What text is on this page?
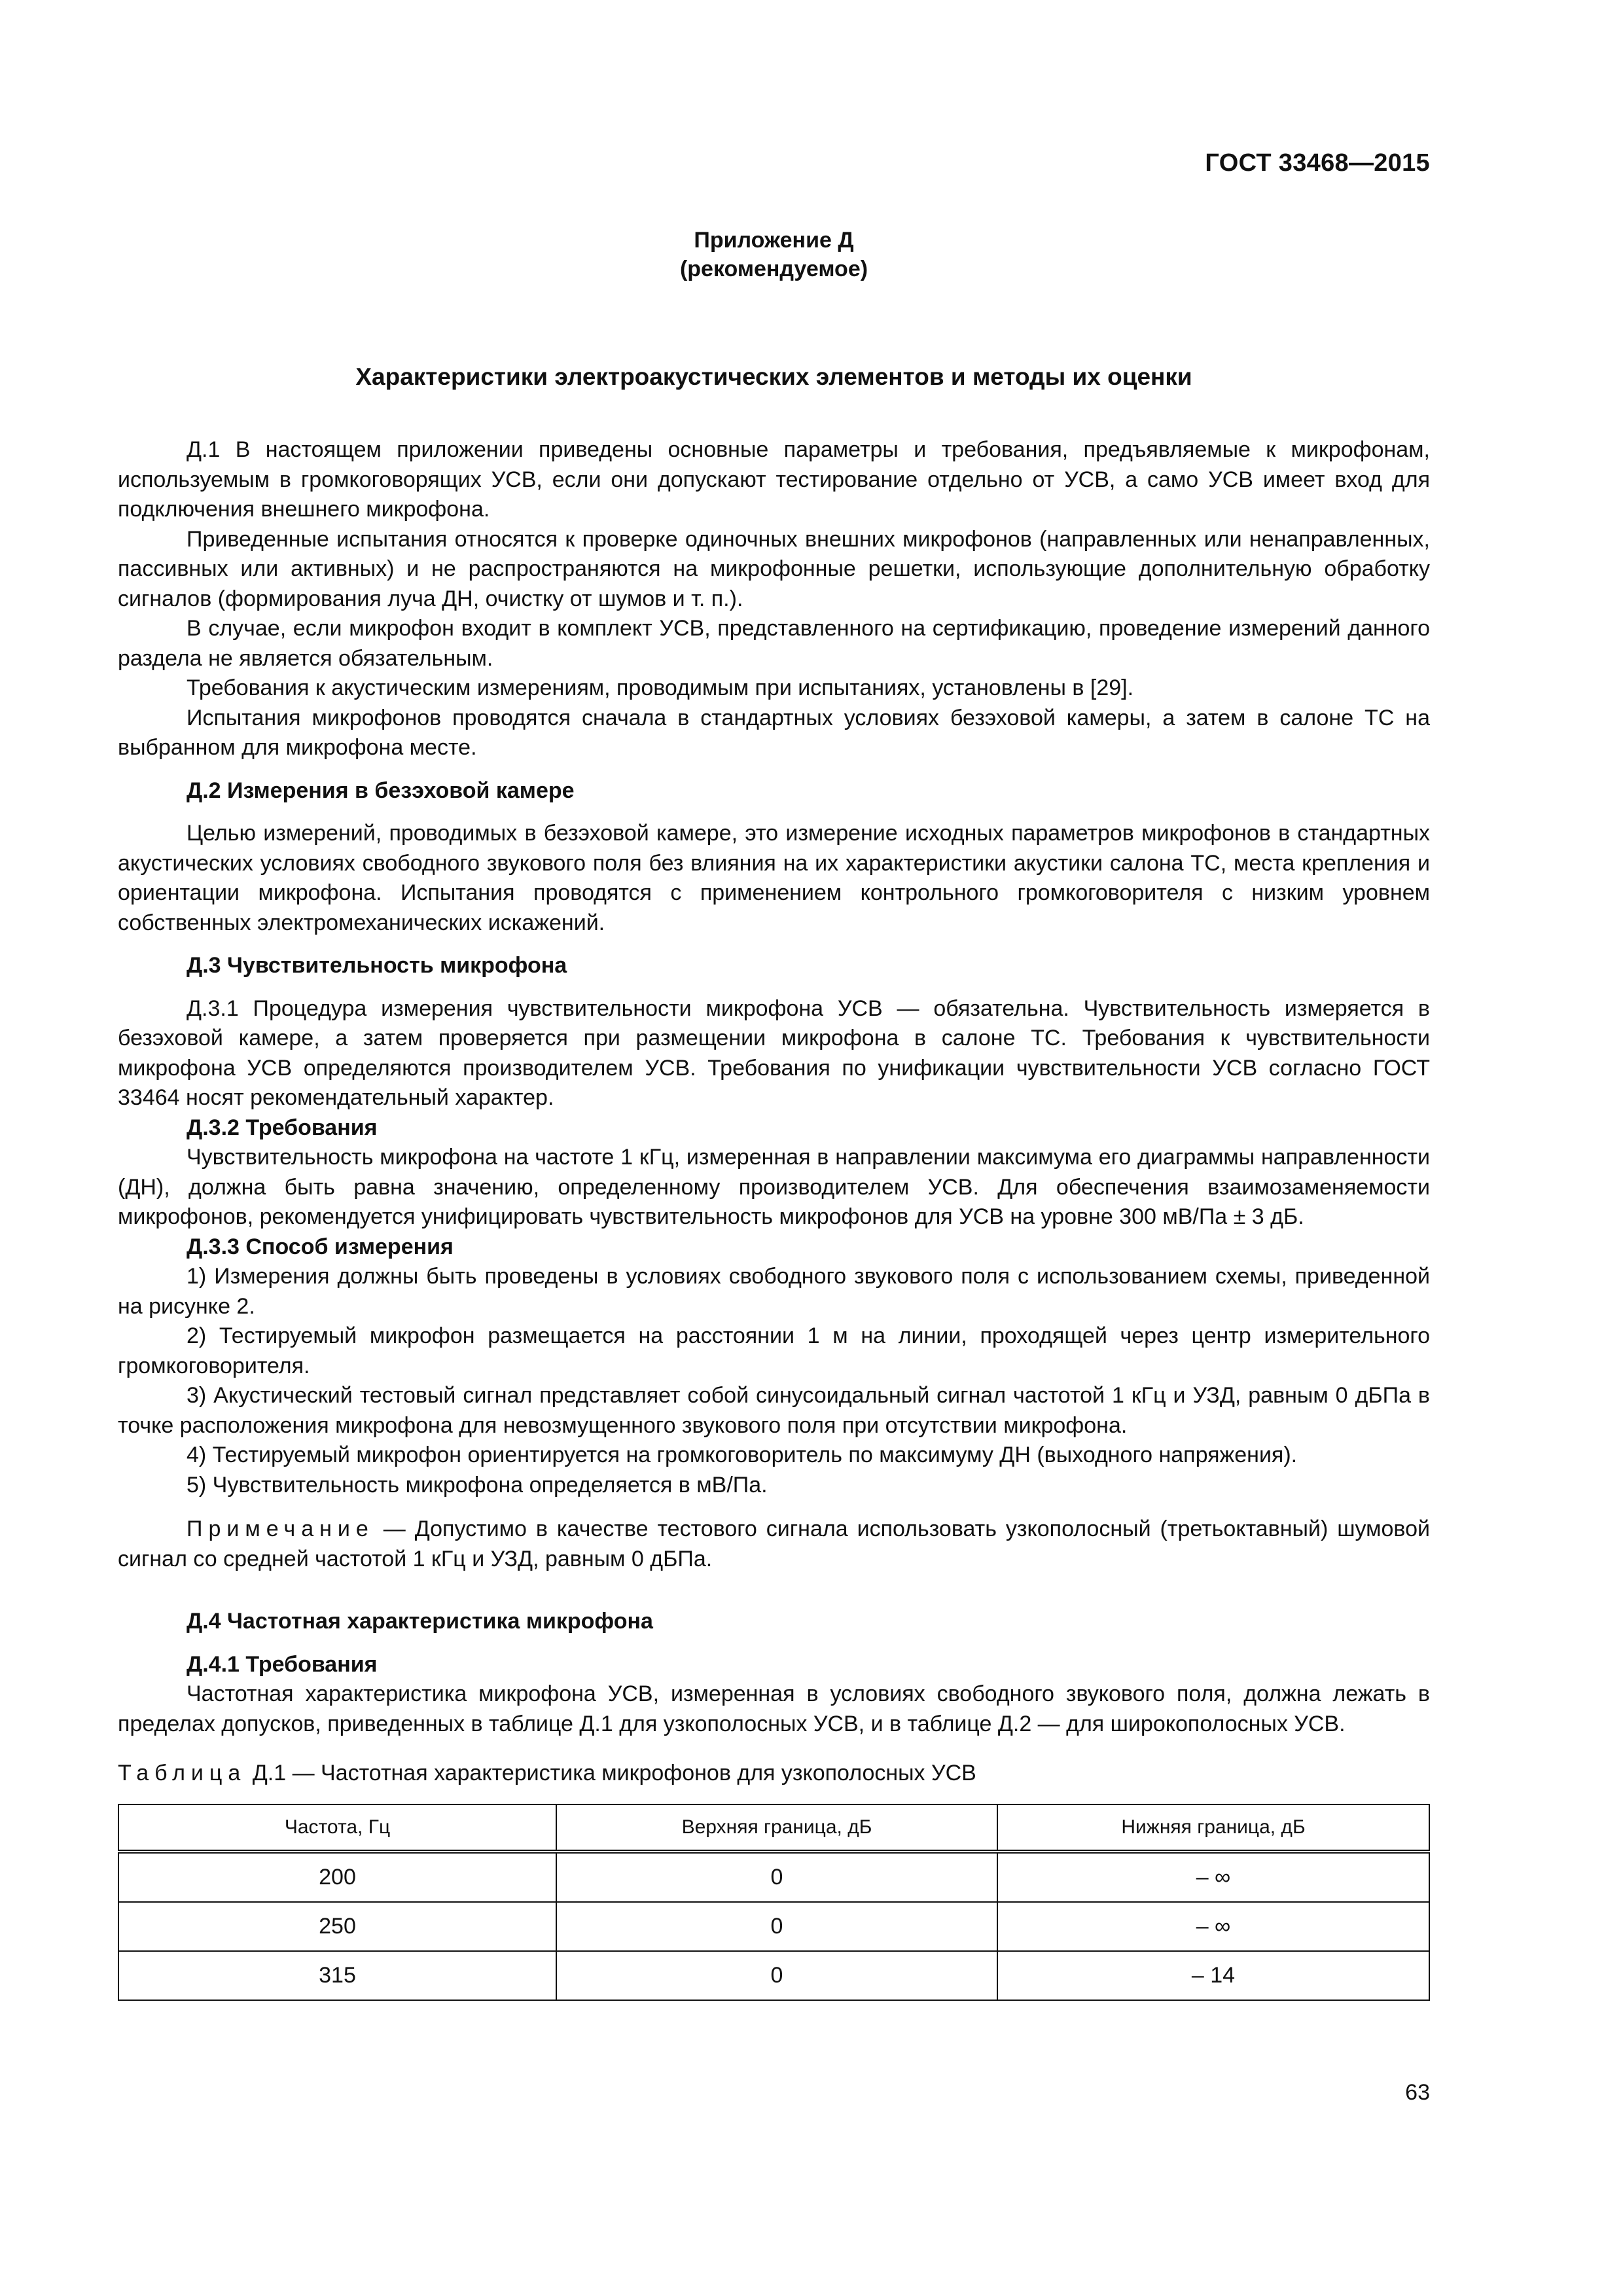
ГОСТ 33468—2015
Приложение Д
(рекомендуемое)
Характеристики электроакустических элементов и методы их оценки

Д.1 В настоящем приложении приведены основные параметры и требования, предъявляемые к микрофонам, используемым в громкоговорящих УСВ, если они допускают тестирование отдельно от УСВ, а само УСВ имеет вход для подключения внешнего микрофона.

Приведенные испытания относятся к проверке одиночных внешних микрофонов (направленных или ненаправленных, пассивных или активных) и не распространяются на микрофонные решетки, использующие дополнительную обработку сигналов (формирования луча ДН, очистку от шумов и т. п.).

В случае, если микрофон входит в комплект УСВ, представленного на сертификацию, проведение измерений данного раздела не является обязательным.

Требования к акустическим измерениям, проводимым при испытаниях, установлены в [29].

Испытания микрофонов проводятся сначала в стандартных условиях безэховой камеры, а затем в салоне ТС на выбранном для микрофона месте.

Д.2 Измерения в безэховой камере

Целью измерений, проводимых в безэховой камере, это измерение исходных параметров микрофонов в стандартных акустических условиях свободного звукового поля без влияния на их характеристики акустики салона ТС, места крепления и ориентации микрофона. Испытания проводятся с применением контрольного громкоговорителя с низким уровнем собственных электромеханических искажений.

Д.3 Чувствительность микрофона

Д.3.1 Процедура измерения чувствительности микрофона УСВ — обязательна. Чувствительность измеряется в безэховой камере, а затем проверяется при размещении микрофона в салоне ТС. Требования к чувствительности микрофона УСВ определяются производителем УСВ. Требования по унификации чувствительности УСВ согласно ГОСТ 33464 носят рекомендательный характер.

Д.3.2 Требования

Чувствительность микрофона на частоте 1 кГц, измеренная в направлении максимума его диаграммы направленности (ДН), должна быть равна значению, определенному производителем УСВ. Для обеспечения взаимозаменяемости микрофонов, рекомендуется унифицировать чувствительность микрофонов для УСВ на уровне 300 мВ/Па ± 3 дБ.

Д.3.3 Способ измерения

1) Измерения должны быть проведены в условиях свободного звукового поля с использованием схемы, приведенной на рисунке 2.

2) Тестируемый микрофон размещается на расстоянии 1 м на линии, проходящей через центр измерительного громкоговорителя.

3) Акустический тестовый сигнал представляет собой синусоидальный сигнал частотой 1 кГц и УЗД, равным 0 дБПа в точке расположения микрофона для невозмущенного звукового поля при отсутствии микрофона.

4) Тестируемый микрофон ориентируется на громкоговоритель по максимуму ДН (выходного напряжения).

5) Чувствительность микрофона определяется в мВ/Па.

Примечание — Допустимо в качестве тестового сигнала использовать узкополосный (третьоктавный) шумовой сигнал со средней частотой 1 кГц и УЗД, равным 0 дБПа.

Д.4 Частотная характеристика микрофона
Д.4.1 Требования

Частотная характеристика микрофона УСВ, измеренная в условиях свободного звукового поля, должна лежать в пределах допусков, приведенных в таблице Д.1 для узкополосных УСВ, и в таблице Д.2 — для широкополосных УСВ.

Таблица Д.1 — Частотная характеристика микрофонов для узкополосных УСВ
Частота, Гц	Верхняя граница, дБ	Нижняя граница, дБ
200	0	– ∞
250	0	– ∞
315	0	– 14
63
